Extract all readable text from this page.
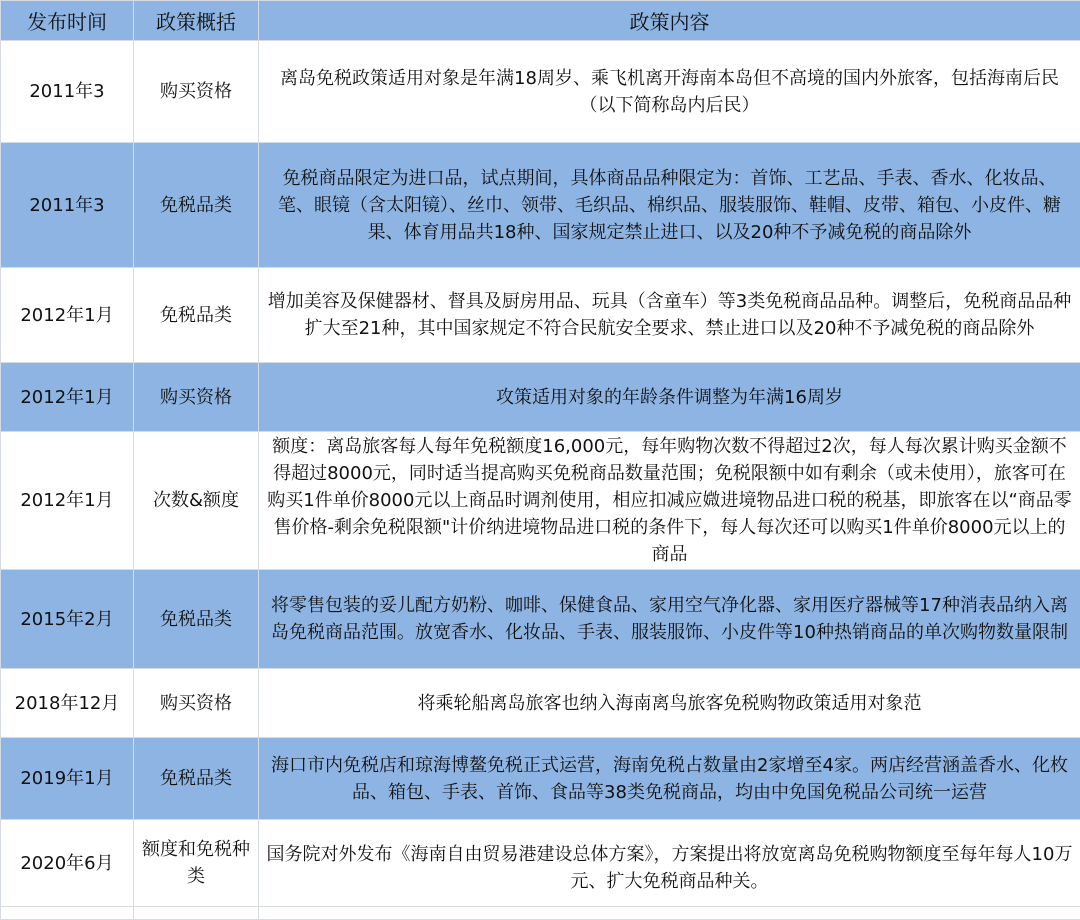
发布时间	政策概括	政策内容
2011年3	购买资格	离岛免税政策适用对象是年满18周岁、乘飞机离开海南本岛但不高境的国内外旅客，包括海南后民（以下简称岛内后民）
2011年3	免税品类	免税商品限定为进口品，试点期间，具体商品品种限定为：首饰、工艺品、手表、香水、化妆品、笔、眼镜（含太阳镜）、丝巾、领带、毛织品、棉织品、服装服饰、鞋帽、皮带、箱包、小皮件、糖果、体育用品共18种、国家规定禁止进口、以及20种不予减免税的商品除外
2012年1月	免税品类	增加美容及保健器材、督具及厨房用品、玩具（含童车）等3类免税商品品种。调整后，免税商品品种扩大至21种，其中国家规定不符合民航安全要求、禁止进口以及20种不予减免税的商品除外
2012年1月	购买资格	攻策适用对象的年龄条件调整为年满16周岁
2012年1月	次数&额度	额度：离岛旅客每人每年免税额度16,000元，每年购物次数不得超过2次，每人每次累计购买金额不得超过8000元，同时适当提高购买免税商品数量范围；免税限额中如有剩余（或未使用），旅客可在购买1件单价8000元以上商品时调剂使用，相应扣减应媺进境物品进口税的税基，即旅客在以“商品零售价格-剩余免税限额"计价纳进境物品进口税的条件下，每人每次还可以购买1件单价8000元以上的商品
2015年2月	免税品类	将零售包装的妥儿配方奶粉、咖啡、保健食品、家用空气净化器、家用医疗器械等17种消表品纳入离岛免税商品范围。放宽香水、化妆品、手表、服装服饰、小皮件等10种热销商品的单次购物数量限制
2018年12月	购买资格	将乘轮船离岛旅客也纳入海南离鸟旅客免税购物政策适用对象范
2019年1月	免税品类	海口市内免税店和琼海博鳌免税正式运营，海南免税占数量由2家增至4家。两店经营涵盖香水、化枚品、箱包、手表、首饰、食品等38类免税商品，均由中免国免税品公司统一运营
2020年6月	额度和免税种类	国务院对外发布《海南自由贸易港建设总体方案》，方案提出将放宽离岛免税购物额度至每年每人10万元、扩大免税商品种关。
